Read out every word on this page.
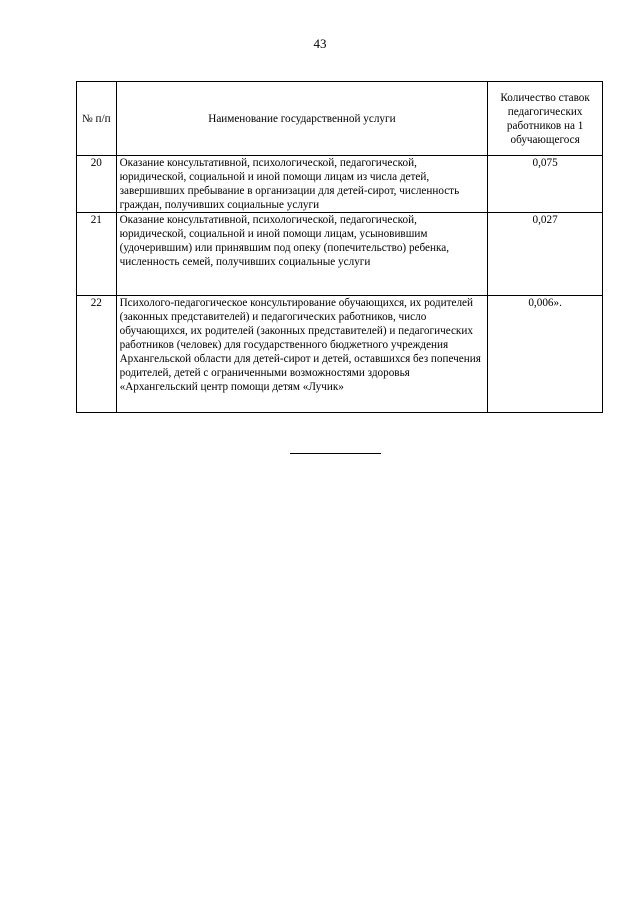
43
№ п/п	Наименование государственной услуги	Количество ставок педагогических работников на 1 обучающегося
20	Оказание консультативной, психологической, педагогической, юридической, социальной и иной помощи лицам из числа детей, завершивших пребывание в организации для детей-сирот, численность граждан, получивших социальные услуги	0,075
21	Оказание консультативной, психологической, педагогической, юридической, социальной и иной помощи лицам, усыновившим (удочерившим) или принявшим под опеку (попечительство) ребенка, численность семей, получивших социальные услуги	0,027
22	Психолого-педагогическое консультирование обучающихся, их родителей (законных представителей) и педагогических работников, число обучающихся, их родителей (законных представителей) и педагогических работников (человек) для государственного бюджетного учреждения Архангельской области для детей-сирот и детей, оставшихся без попечения родителей, детей с ограниченными возможностями здоровья «Архангельский центр помощи детям «Лучик»	0,006».
